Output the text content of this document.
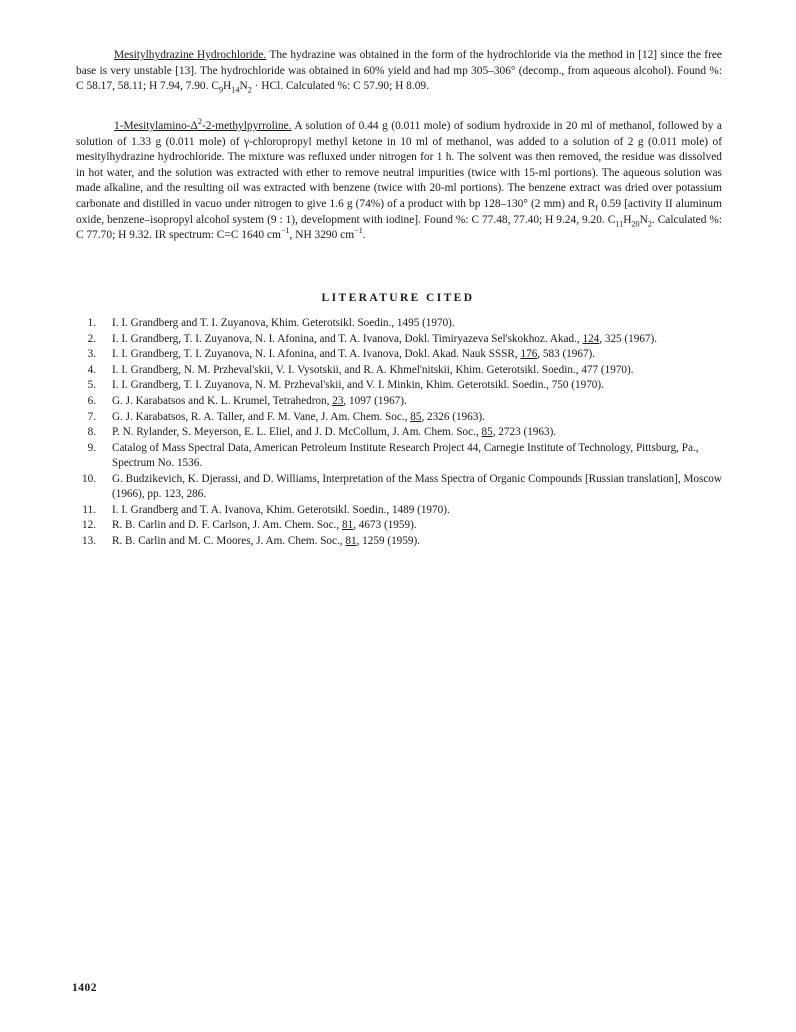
Mesitylhydrazine Hydrochloride. The hydrazine was obtained in the form of the hydrochloride via the method in [12] since the free base is very unstable [13]. The hydrochloride was obtained in 60% yield and had mp 305–306° (decomp., from aqueous alcohol). Found %: C 58.17, 58.11; H 7.94, 7.90. $C_9H_{14}N_2$ · HCl. Calculated %: C 57.90; H 8.09.

$1-Mesitylamino-\Delta^2-2$-methylpyrroline. A solution of 0.44 g (0.011 mole) of sodium hydroxide in 20 ml of methanol, followed by a solution of 1.33 g (0.011 mole) of γ-chloropropyl methyl ketone in 10 ml of methanol, was added to a solution of 2 g (0.011 mole) of mesitylhydrazine hydrochloride. The mixture was refluxed under nitrogen for 1 h. The solvent was then removed, the residue was dissolved in hot water, and the solution was extracted with ether to remove neutral impurities (twice with 15-ml portions). The aqueous solution was made alkaline, and the resulting oil was extracted with benzene (twice with 20-ml portions). The benzene extract was dried over potassium carbonate and distilled in vacuo under nitrogen to give 1.6 g (74%) of a product with bp 128–130° (2 mm) and $R_f$ 0.59 [activity II aluminum oxide, benzene–isopropyl alcohol system (9 : 1), development with iodine]. Found %: C 77.48, 77.40; H 9.24, 9.20. $C_{11}H_{20}N_2$. Calculated %: C 77.70; H 9.32. IR spectrum: C=C 1640 $cm^{-1}$, NH 3290 $cm^{-1}$.

LITERATURE CITED
1. I. I. Grandberg and T. I. Zuyanova, Khim. Geterotsikl. Soedin., 1495 (1970).
2. I. I. Grandberg, T. I. Zuyanova, N. I. Afonina, and T. A. Ivanova, Dokl. Timiryazeva Sel'skokhoz. Akad., 124, 325 (1967).
3. I. I. Grandberg, T. I. Zuyanova, N. I. Afonina, and T. A. Ivanova, Dokl. Akad. Nauk SSSR, 176, 583 (1967).
4. I. I. Grandberg, N. M. Przheval'skii, V. I. Vysotskii, and R. A. Khmel'nitskii, Khim. Geterotsikl. Soedin., 477 (1970).
5. I. I. Grandberg, T. I. Zuyanova, N. M. Przheval'skii, and V. I. Minkin, Khim. Geterotsikl. Soedin., 750 (1970).
6. G. J. Karabatsos and K. L. Krumel, Tetrahedron, 23, 1097 (1967).
7. G. J. Karabatsos, R. A. Taller, and F. M. Vane, J. Am. Chem. Soc., 85, 2326 (1963).
8. P. N. Rylander, S. Meyerson, E. L. Eliel, and J. D. McCollum, J. Am. Chem. Soc., 85, 2723 (1963).
9. Catalog of Mass Spectral Data, American Petroleum Institute Research Project 44, Carnegie Institute of Technology, Pittsburg, Pa., Spectrum No. 1536.
10. G. Budzikevich, K. Djerassi, and D. Williams, Interpretation of the Mass Spectra of Organic Compounds [Russian translation], Moscow (1966), pp. 123, 286.
11. I. I. Grandberg and T. A. Ivanova, Khim. Geterotsikl. Soedin., 1489 (1970).
12. R. B. Carlin and D. F. Carlson, J. Am. Chem. Soc., 81, 4673 (1959).
13. R. B. Carlin and M. C. Moores, J. Am. Chem. Soc., 81, 1259 (1959).
1402
